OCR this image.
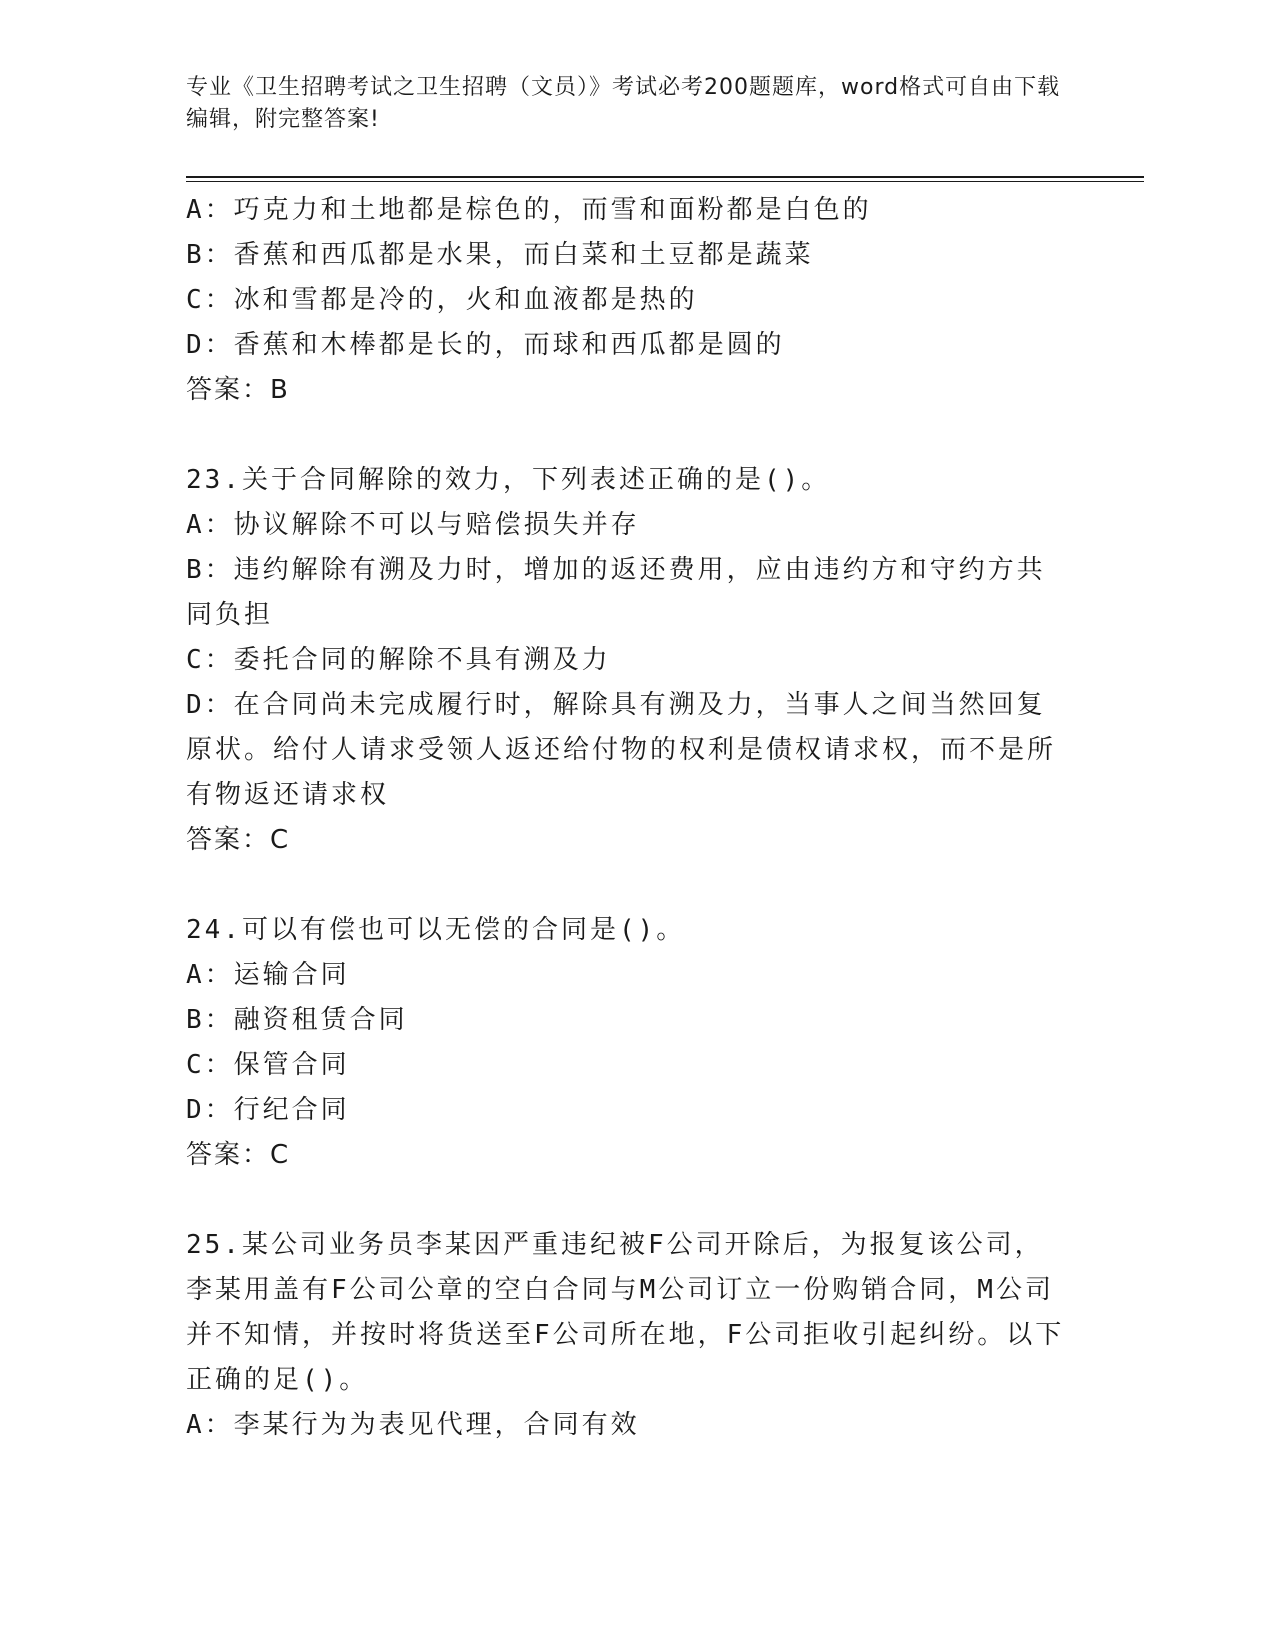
专业《卫生招聘考试之卫生招聘（文员）》考试必考200题题库，word格式可自由下载编辑，附完整答案!
A：巧克力和土地都是棕色的，而雪和面粉都是白色的
B：香蕉和西瓜都是水果，而白菜和土豆都是蔬菜
C：冰和雪都是冷的，火和血液都是热的
D：香蕉和木棒都是长的，而球和西瓜都是圆的
答案：B
23.关于合同解除的效力，下列表述正确的是()。
A：协议解除不可以与赔偿损失并存
B：违约解除有溯及力时，增加的返还费用，应由违约方和守约方共同负担
C：委托合同的解除不具有溯及力
D：在合同尚未完成履行时，解除具有溯及力，当事人之间当然回复原状。给付人请求受领人返还给付物的权利是债权请求权，而不是所有物返还请求权
答案：C
24.可以有偿也可以无偿的合同是()。
A：运输合同
B：融资租赁合同
C：保管合同
D：行纪合同
答案：C
25.某公司业务员李某因严重违纪被F公司开除后，为报复该公司，李某用盖有F公司公章的空白合同与M公司订立一份购销合同，M公司并不知情，并按时将货送至F公司所在地，F公司拒收引起纠纷。以下正确的足()。
A：李某行为为表见代理，合同有效
